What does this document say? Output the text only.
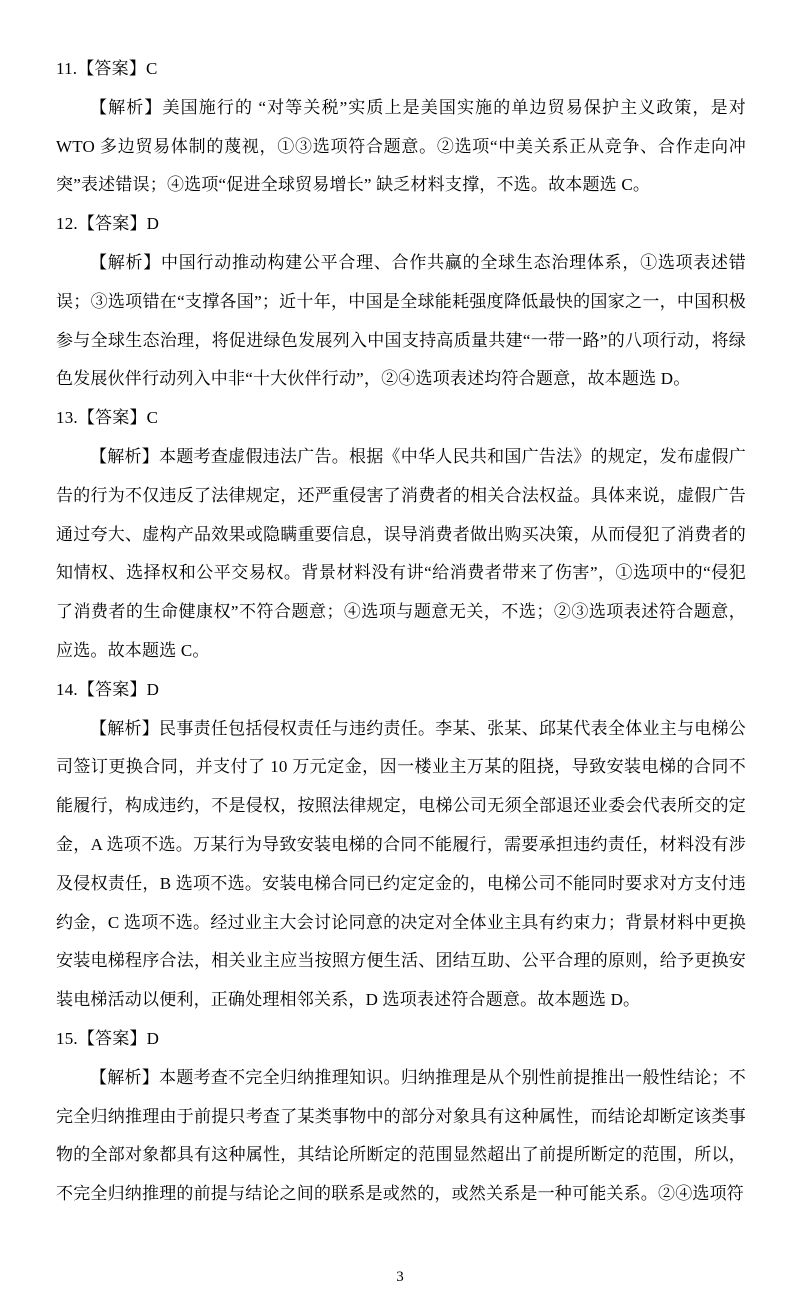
11.【答案】C

【解析】美国施行的 “对等关税”实质上是美国实施的单边贸易保护主义政策，是对 WTO 多边贸易体制的蔑视，①③选项符合题意。②选项“中美关系正从竞争、合作走向冲突”表述错误；④选项“促进全球贸易增长” 缺乏材料支撑，不选。故本题选 C。

12.【答案】D

【解析】中国行动推动构建公平合理、合作共赢的全球生态治理体系，①选项表述错误；③选项错在“支撑各国”；近十年，中国是全球能耗强度降低最快的国家之一，中国积极参与全球生态治理，将促进绿色发展列入中国支持高质量共建“一带一路”的八项行动，将绿色发展伙伴行动列入中非“十大伙伴行动”，②④选项表述均符合题意，故本题选 D。

13.【答案】C

【解析】本题考查虚假违法广告。根据《中华人民共和国广告法》的规定，发布虚假广告的行为不仅违反了法律规定，还严重侵害了消费者的相关合法权益。具体来说，虚假广告通过夸大、虚构产品效果或隐瞒重要信息，误导消费者做出购买决策，从而侵犯了消费者的知情权、选择权和公平交易权。背景材料没有讲“给消费者带来了伤害”，①选项中的“侵犯了消费者的生命健康权”不符合题意；④选项与题意无关，不选；②③选项表述符合题意，应选。故本题选 C。

14.【答案】D

【解析】民事责任包括侵权责任与违约责任。李某、张某、邱某代表全体业主与电梯公司签订更换合同，并支付了 10 万元定金，因一楼业主万某的阻挠，导致安装电梯的合同不能履行，构成违约，不是侵权，按照法律规定，电梯公司无须全部退还业委会代表所交的定金，A 选项不选。万某行为导致安装电梯的合同不能履行，需要承担违约责任，材料没有涉及侵权责任，B 选项不选。安装电梯合同已约定定金的，电梯公司不能同时要求对方支付违约金，C 选项不选。经过业主大会讨论同意的决定对全体业主具有约束力；背景材料中更换安装电梯程序合法，相关业主应当按照方便生活、团结互助、公平合理的原则，给予更换安装电梯活动以便利，正确处理相邻关系，D 选项表述符合题意。故本题选 D。

15.【答案】D

【解析】本题考查不完全归纳推理知识。归纳推理是从个别性前提推出一般性结论；不完全归纳推理由于前提只考查了某类事物中的部分对象具有这种属性，而结论却断定该类事物的全部对象都具有这种属性，其结论所断定的范围显然超出了前提所断定的范围，所以，不完全归纳推理的前提与结论之间的联系是或然的，或然关系是一种可能关系。②④选项符

3
